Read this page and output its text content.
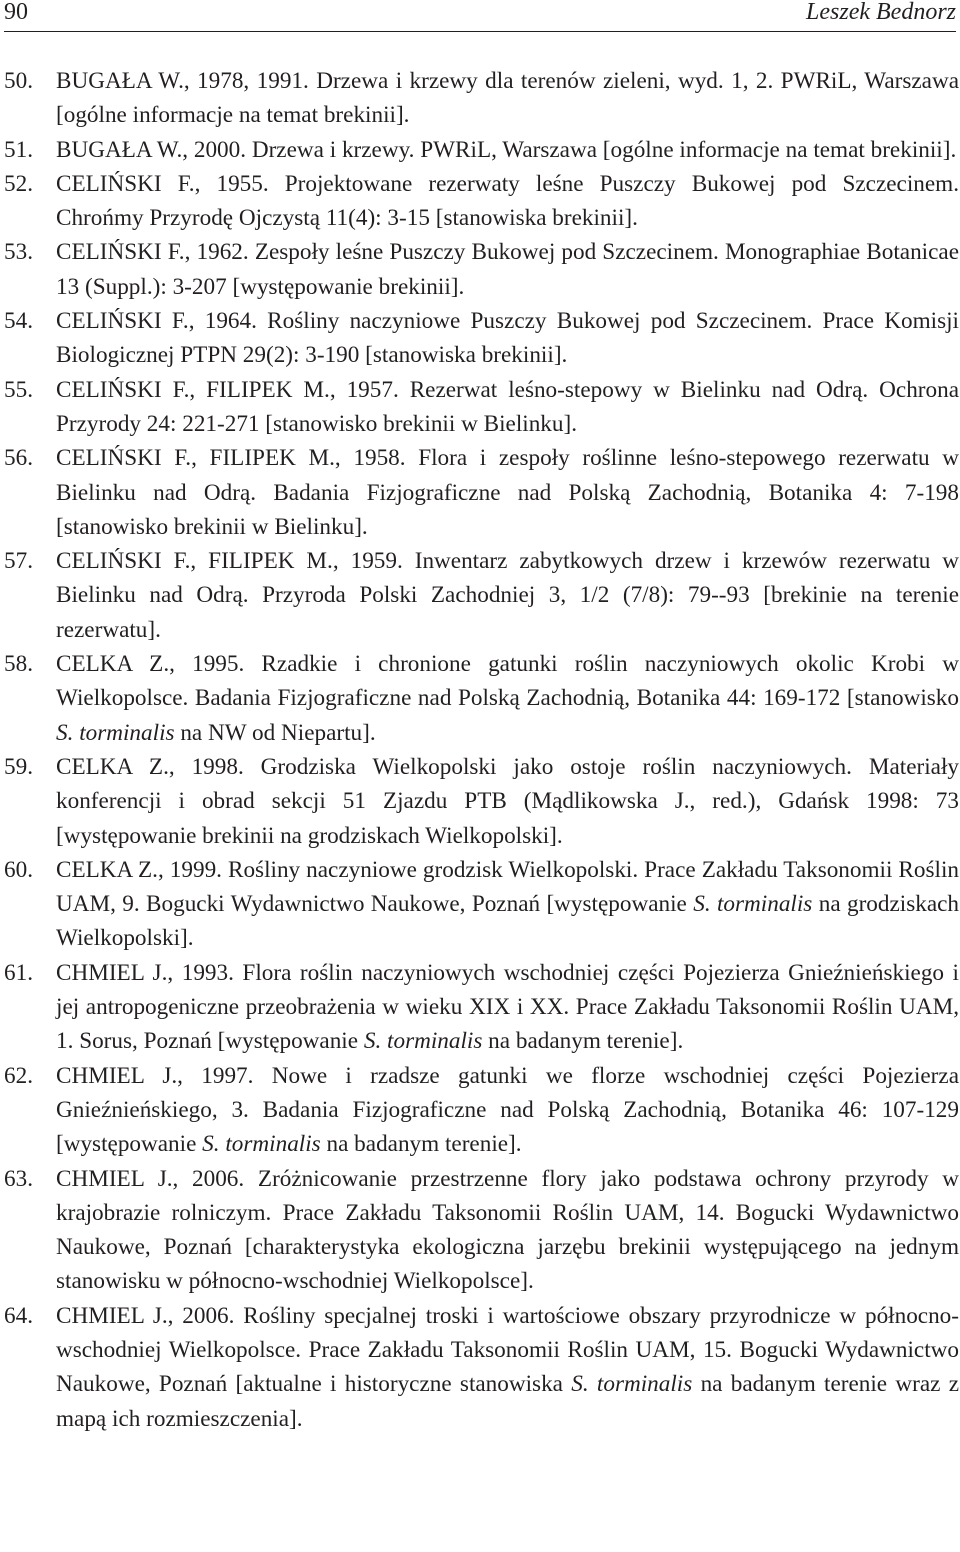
90	Leszek Bednorz
50. BUGAŁA W., 1978, 1991. Drzewa i krzewy dla terenów zieleni, wyd. 1, 2. PWRiL, Warszawa [ogólne informacje na temat brekinii].
51. BUGAŁA W., 2000. Drzewa i krzewy. PWRiL, Warszawa [ogólne informacje na temat brekinii].
52. CELIŃSKI F., 1955. Projektowane rezerwaty leśne Puszczy Bukowej pod Szczecinem. Chrońmy Przyrodę Ojczystą 11(4): 3-15 [stanowiska brekinii].
53. CELIŃSKI F., 1962. Zespoły leśne Puszczy Bukowej pod Szczecinem. Monographiae Botanicae 13 (Suppl.): 3-207 [występowanie brekinii].
54. CELIŃSKI F., 1964. Rośliny naczyniowe Puszczy Bukowej pod Szczecinem. Prace Komisji Biologicznej PTPN 29(2): 3-190 [stanowiska brekinii].
55. CELIŃSKI F., FILIPEK M., 1957. Rezerwat leśno-stepowy w Bielinku nad Odrą. Ochrona Przyrody 24: 221-271 [stanowisko brekinii w Bielinku].
56. CELIŃSKI F., FILIPEK M., 1958. Flora i zespoły roślinne leśno-stepowego rezerwatu w Bielinku nad Odrą. Badania Fizjograficzne nad Polską Zachodnią, Botanika 4: 7-198 [stanowisko brekinii w Bielinku].
57. CELIŃSKI F., FILIPEK M., 1959. Inwentarz zabytkowych drzew i krzewów rezerwatu w Bielinku nad Odrą. Przyroda Polski Zachodniej 3, 1/2 (7/8): 79--93 [brekinie na terenie rezerwatu].
58. CELKA Z., 1995. Rzadkie i chronione gatunki roślin naczyniowych okolic Krobi w Wielkopolsce. Badania Fizjograficzne nad Polską Zachodnią, Botanika 44: 169-172 [stanowisko S. torminalis na NW od Niepartu].
59. CELKA Z., 1998. Grodziska Wielkopolski jako ostoje roślin naczyniowych. Materiały konferencji i obrad sekcji 51 Zjazdu PTB (Mądlikowska J., red.), Gdańsk 1998: 73 [występowanie brekinii na grodziskach Wielkopolski].
60. CELKA Z., 1999. Rośliny naczyniowe grodzisk Wielkopolski. Prace Zakładu Taksonomii Roślin UAM, 9. Bogucki Wydawnictwo Naukowe, Poznań [występowanie S. torminalis na grodziskach Wielkopolski].
61. CHMIEL J., 1993. Flora roślin naczyniowych wschodniej części Pojezierza Gnieźnieńskiego i jej antropogeniczne przeobrażenia w wieku XIX i XX. Prace Zakładu Taksonomii Roślin UAM, 1. Sorus, Poznań [występowanie S. torminalis na badanym terenie].
62. CHMIEL J., 1997. Nowe i rzadsze gatunki we florze wschodniej części Pojezierza Gnieźnieńskiego, 3. Badania Fizjograficzne nad Polską Zachodnią, Botanika 46: 107-129 [występowanie S. torminalis na badanym terenie].
63. CHMIEL J., 2006. Zróżnicowanie przestrzenne flory jako podstawa ochrony przyrody w krajobrazie rolniczym. Prace Zakładu Taksonomii Roślin UAM, 14. Bogucki Wydawnictwo Naukowe, Poznań [charakterystyka ekologiczna jarzębu brekinii występującego na jednym stanowisku w północno-wschodniej Wielkopolsce].
64. CHMIEL J., 2006. Rośliny specjalnej troski i wartościowe obszary przyrodnicze w północno-wschodniej Wielkopolsce. Prace Zakładu Taksonomii Roślin UAM, 15. Bogucki Wydawnictwo Naukowe, Poznań [aktualne i historyczne stanowiska S. torminalis na badanym terenie wraz z mapą ich rozmieszczenia].
